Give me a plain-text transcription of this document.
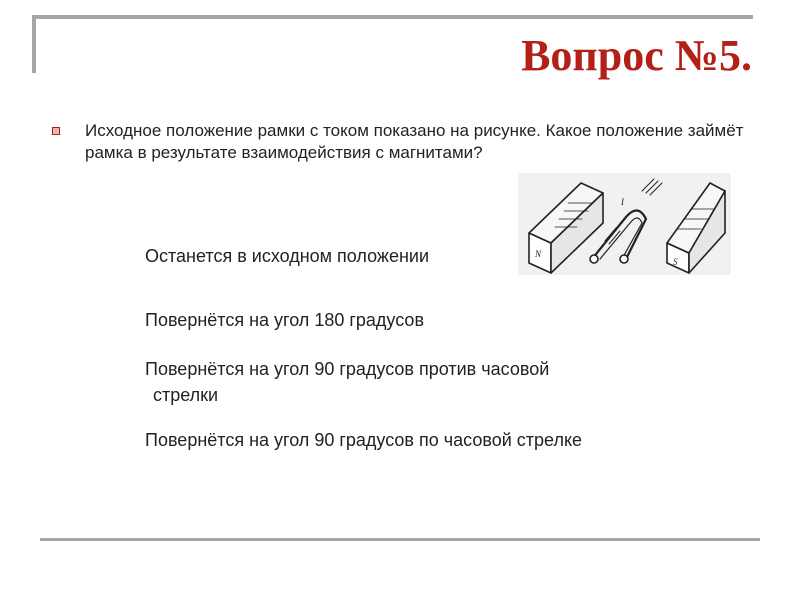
Вопрос №5.

Исходное положение рамки с током показано на рисунке. Какое положение займёт рамка в результате взаимодействия с магнитами?

N
S
I

Останется в исходном положении

Повернётся на угол 180 градусов

Повернётся на угол 90 градусов против часовой

стрелки

Повернётся на угол 90 градусов по часовой стрелке
